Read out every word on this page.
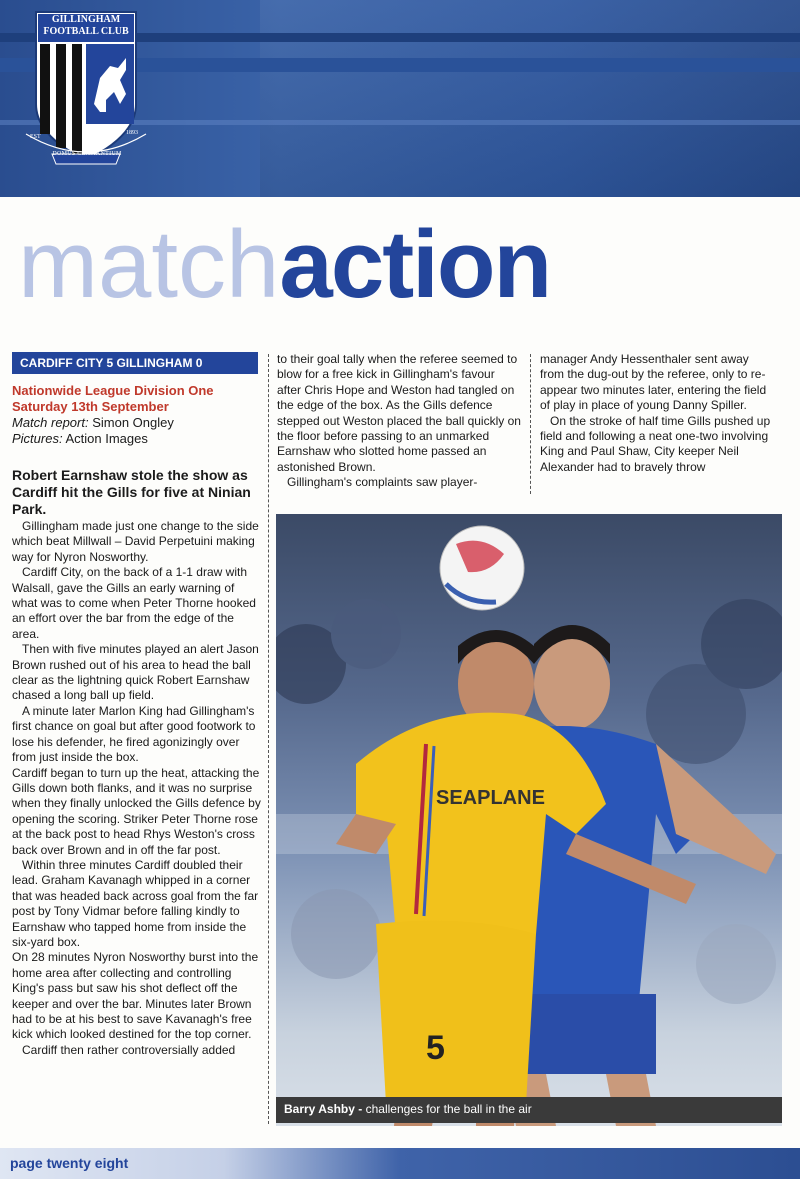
GILLINGHAM
FOOTBALL CLUB
EST
1893
DOMUS CLAMANTIUM
matchaction
CARDIFF CITY 5 GILLINGHAM 0
Nationwide League Division One
Saturday 13th September
Match report: Simon Ongley
Pictures: Action Images
Robert Earnshaw stole the show as Cardiff hit the Gills for five at Ninian Park.

Gillingham made just one change to the side which beat Millwall – David Perpetuini making way for Nyron Nosworthy.

Cardiff City, on the back of a 1-1 draw with Walsall, gave the Gills an early warning of what was to come when Peter Thorne hooked an effort over the bar from the edge of the area.

Then with five minutes played an alert Jason Brown rushed out of his area to head the ball clear as the lightning quick Robert Earnshaw chased a long ball up field.

A minute later Marlon King had Gillingham's first chance on goal but after good footwork to lose his defender, he fired agonizingly over from just inside the box.

Cardiff began to turn up the heat, attacking the Gills down both flanks, and it was no surprise when they finally unlocked the Gills defence by opening the scoring. Striker Peter Thorne rose at the back post to head Rhys Weston's cross back over Brown and in off the far post.

Within three minutes Cardiff doubled their lead. Graham Kavanagh whipped in a corner that was headed back across goal from the far post by Tony Vidmar before falling kindly to Earnshaw who tapped home from inside the six-yard box.

On 28 minutes Nyron Nosworthy burst into the home area after collecting and controlling King's pass but saw his shot deflect off the keeper and over the bar. Minutes later Brown had to be at his best to save Kavanagh's free kick which looked destined for the top corner.

Cardiff then rather controversially added

to their goal tally when the referee seemed to blow for a free kick in Gillingham's favour after Chris Hope and Weston had tangled on the edge of the box. As the Gills defence stepped out Weston placed the ball quickly on the floor before passing to an unmarked Earnshaw who slotted home passed an astonished Brown.

Gillingham's complaints saw player-

manager Andy Hessenthaler sent away from the dug-out by the referee, only to re-appear two minutes later, entering the field of play in place of young Danny Spiller.

On the stroke of half time Gills pushed up field and following a neat one-two involving King and Paul Shaw, City keeper Neil Alexander had to bravely throw

SEAPLANE
5
Barry Ashby - challenges for the ball in the air
page twenty eight
